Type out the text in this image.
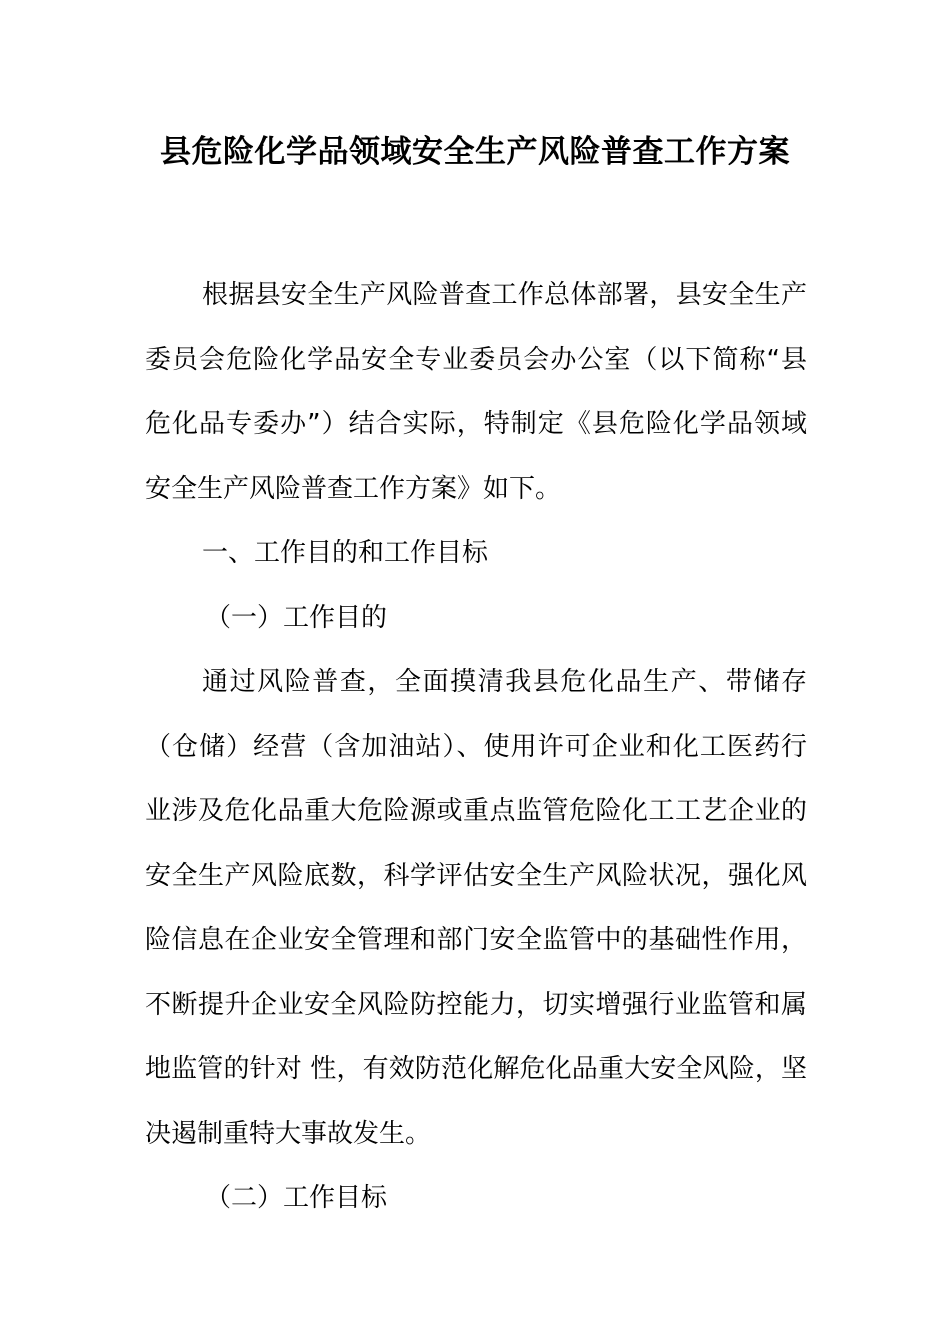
县危险化学品领域安全生产风险普查工作方案

根据县安全生产风险普查工作总体部署，县安全生产委员会危险化学品安全专业委员会办公室（以下简称“县危化品专委办”）结合实际，特制定《县危险化学品领域安全生产风险普查工作方案》如下。

一、工作目的和工作目标

（一）工作目的

通过风险普查，全面摸清我县危化品生产、带储存（仓储）经营（含加油站）、使用许可企业和化工医药行业涉及危化品重大危险源或重点监管危险化工工艺企业的安全生产风险底数，科学评估安全生产风险状况，强化风险信息在企业安全管理和部门安全监管中的基础性作用，不断提升企业安全风险防控能力，切实增强行业监管和属地监管的针对 性，有效防范化解危化品重大安全风险，坚决遏制重特大事故发生。

（二）工作目标
